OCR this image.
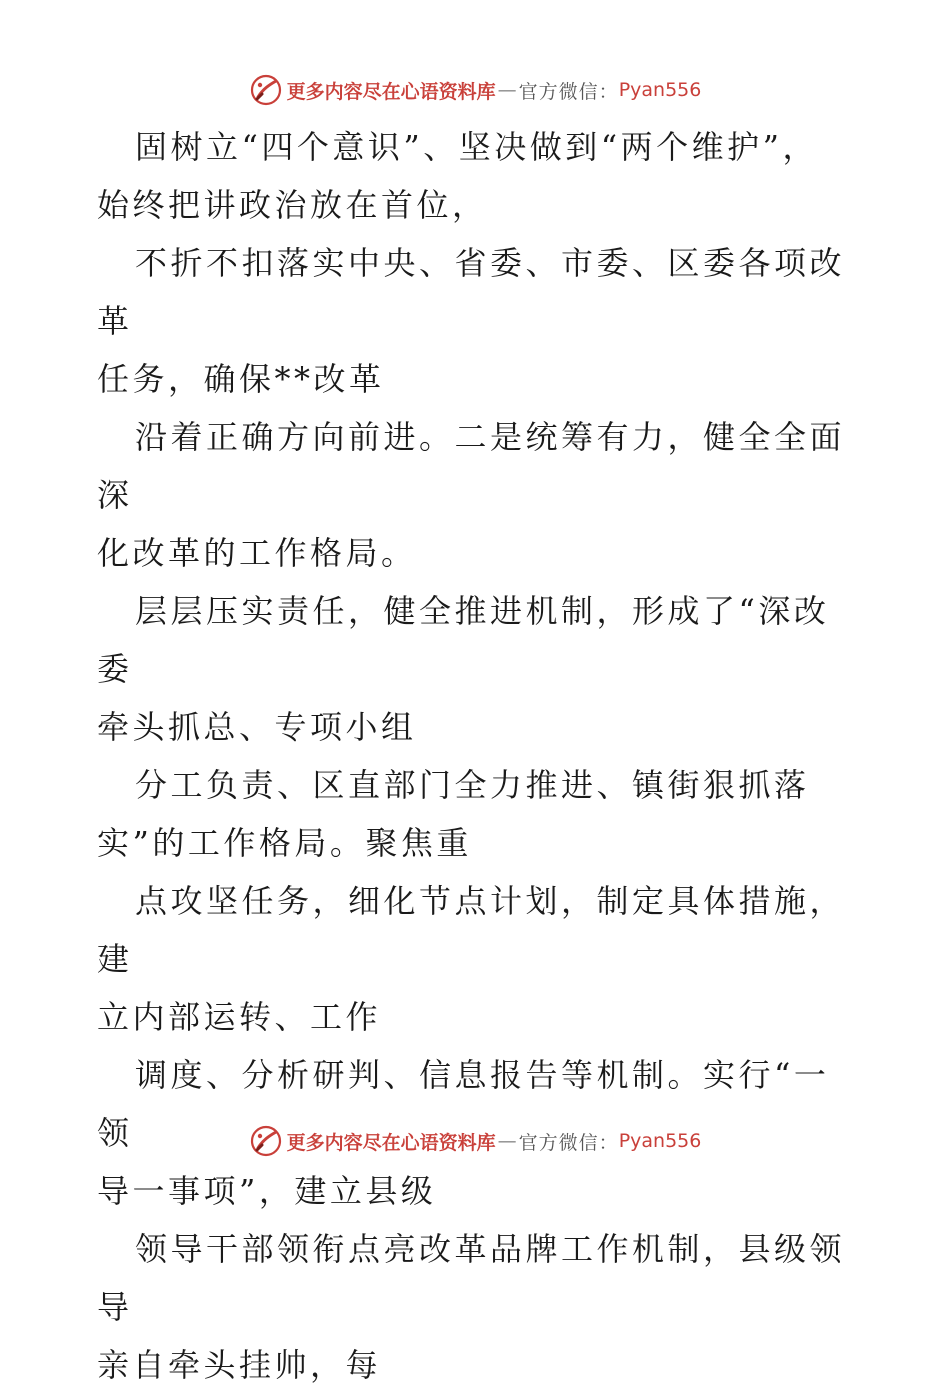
更多内容尽在心语资料库 — 官方微信： Pyan556

固树立“四个意识”、坚决做到“两个维护”，
始终把讲政治放在首位，

不折不扣落实中央、省委、市委、区委各项改革
任务，确保**改革

沿着正确方向前进。二是统筹有力，健全全面深
化改革的工作格局。

层层压实责任，健全推进机制，形成了“深改委
牵头抓总、专项小组

分工负责、区直部门全力推进、镇街狠抓落
实”的工作格局。聚焦重

点攻坚任务，细化节点计划，制定具体措施，建
立内部运转、工作

调度、分析研判、信息报告等机制。实行“一领
导一事项”，建立县级

领导干部领衔点亮改革品牌工作机制，县级领导
亲自牵头挂帅，每

更多内容尽在心语资料库 — 官方微信： Pyan556
